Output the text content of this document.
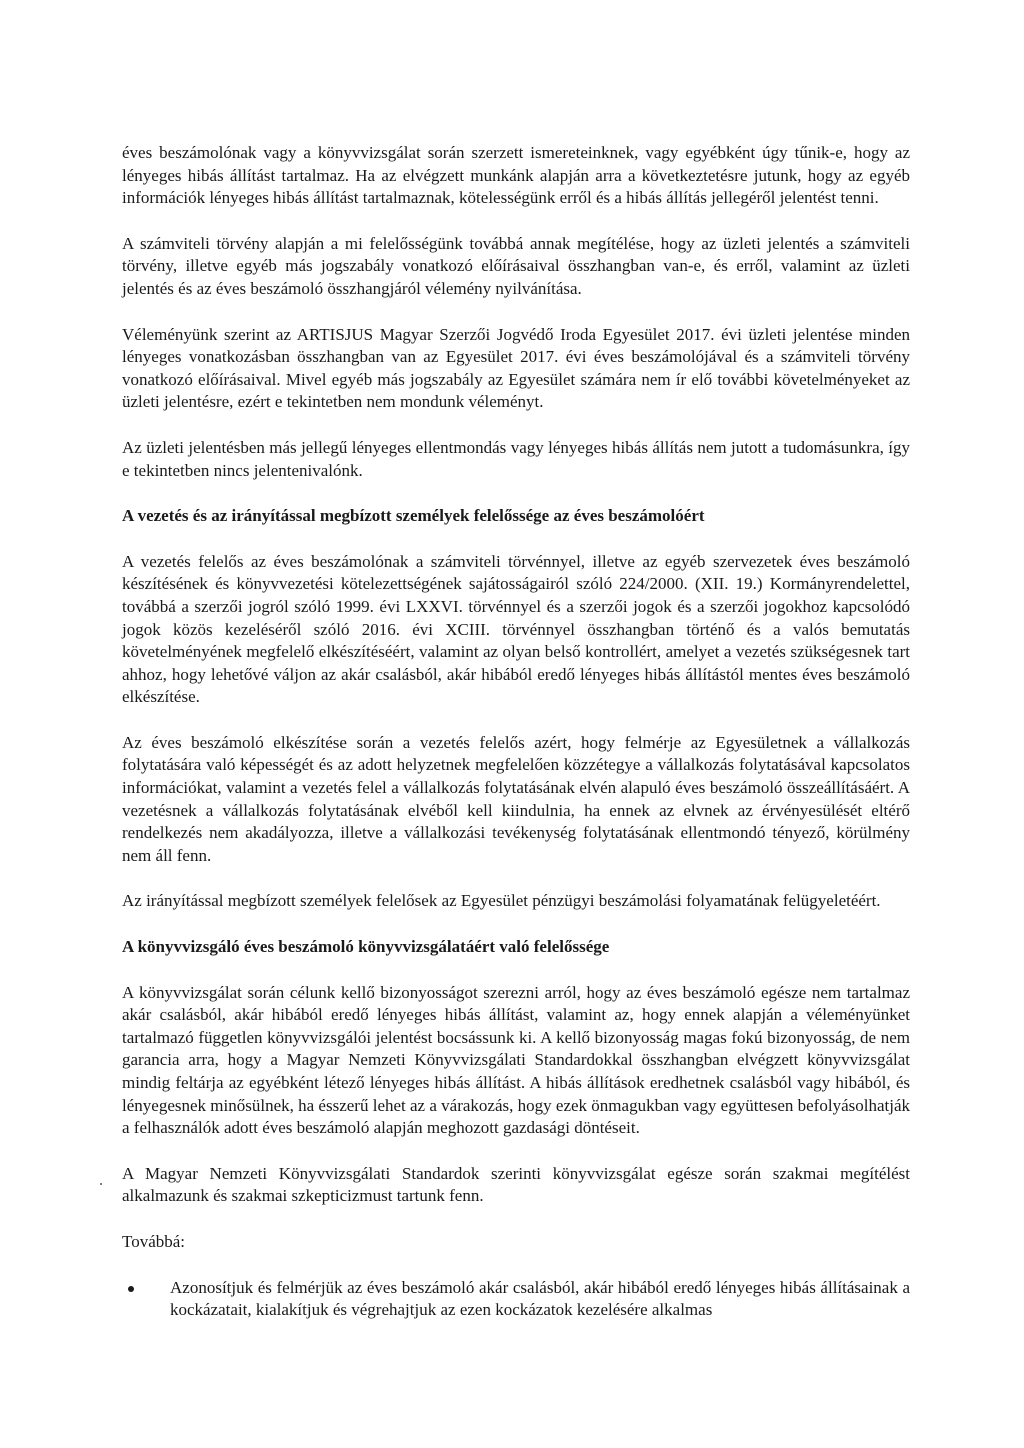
éves beszámolónak vagy a könyvvizsgálat során szerzett ismereteinknek, vagy egyébként úgy tűnik-e, hogy az lényeges hibás állítást tartalmaz. Ha az elvégzett munkánk alapján arra a következtetésre jutunk, hogy az egyéb információk lényeges hibás állítást tartalmaznak, kötelességünk erről és a hibás állítás jellegéről jelentést tenni.

A számviteli törvény alapján a mi felelősségünk továbbá annak megítélése, hogy az üzleti jelentés a számviteli törvény, illetve egyéb más jogszabály vonatkozó előírásaival összhangban van-e, és erről, valamint az üzleti jelentés és az éves beszámoló összhangjáról vélemény nyilvánítása.

Véleményünk szerint az ARTISJUS Magyar Szerzői Jogvédő Iroda Egyesület 2017. évi üzleti jelentése minden lényeges vonatkozásban összhangban van az Egyesület 2017. évi éves beszámolójával és a számviteli törvény vonatkozó előírásaival. Mivel egyéb más jogszabály az Egyesület számára nem ír elő további követelményeket az üzleti jelentésre, ezért e tekintetben nem mondunk véleményt.

Az üzleti jelentésben más jellegű lényeges ellentmondás vagy lényeges hibás állítás nem jutott a tudomásunkra, így e tekintetben nincs jelentenivalónk.

A vezetés és az irányítással megbízott személyek felelőssége az éves beszámolóért

A vezetés felelős az éves beszámolónak a számviteli törvénnyel, illetve az egyéb szervezetek éves beszámoló készítésének és könyvvezetési kötelezettségének sajátosságairól szóló 224/2000. (XII. 19.) Kormányrendelettel, továbbá a szerzői jogról szóló 1999. évi LXXVI. törvénnyel és a szerzői jogok és a szerzői jogokhoz kapcsolódó jogok közös kezeléséről szóló 2016. évi XCIII. törvénnyel összhangban történő és a valós bemutatás követelményének megfelelő elkészítéséért, valamint az olyan belső kontrollért, amelyet a vezetés szükségesnek tart ahhoz, hogy lehetővé váljon az akár csalásból, akár hibából eredő lényeges hibás állítástól mentes éves beszámoló elkészítése.

Az éves beszámoló elkészítése során a vezetés felelős azért, hogy felmérje az Egyesületnek a vállalkozás folytatására való képességét és az adott helyzetnek megfelelően közzétegye a vállalkozás folytatásával kapcsolatos információkat, valamint a vezetés felel a vállalkozás folytatásának elvén alapuló éves beszámoló összeállításáért. A vezetésnek a vállalkozás folytatásának elvéből kell kiindulnia, ha ennek az elvnek az érvényesülését eltérő rendelkezés nem akadályozza, illetve a vállalkozási tevékenység folytatásának ellentmondó tényező, körülmény nem áll fenn.

Az irányítással megbízott személyek felelősek az Egyesület pénzügyi beszámolási folyamatának felügyeletéért.

A könyvvizsgáló éves beszámoló könyvvizsgálatáért való felelőssége

A könyvvizsgálat során célunk kellő bizonyosságot szerezni arról, hogy az éves beszámoló egésze nem tartalmaz akár csalásból, akár hibából eredő lényeges hibás állítást, valamint az, hogy ennek alapján a véleményünket tartalmazó független könyvvizsgálói jelentést bocsássunk ki. A kellő bizonyosság magas fokú bizonyosság, de nem garancia arra, hogy a Magyar Nemzeti Könyvvizsgálati Standardokkal összhangban elvégzett könyvvizsgálat mindig feltárja az egyébként létező lényeges hibás állítást. A hibás állítások eredhetnek csalásból vagy hibából, és lényegesnek minősülnek, ha ésszerű lehet az a várakozás, hogy ezek önmagukban vagy együttesen befolyásolhatják a felhasználók adott éves beszámoló alapján meghozott gazdasági döntéseit.

A Magyar Nemzeti Könyvvizsgálati Standardok szerinti könyvvizsgálat egésze során szakmai megítélést alkalmazunk és szakmai szkepticizmust tartunk fenn.

Továbbá:

Azonosítjuk és felmérjük az éves beszámoló akár csalásból, akár hibából eredő lényeges hibás állításainak a kockázatait, kialakítjuk és végrehajtjuk az ezen kockázatok kezelésére alkalmas
